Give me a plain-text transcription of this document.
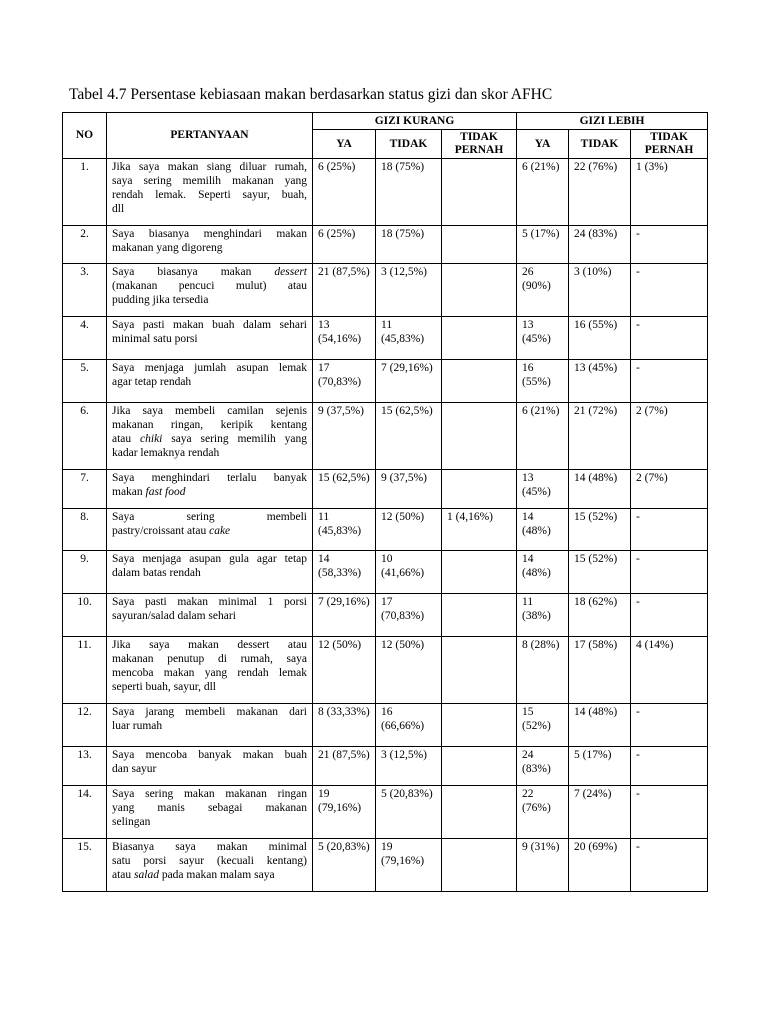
Tabel 4.7 Persentase kebiasaan makan berdasarkan status gizi dan skor AFHC
NO	PERTANYAAN	GIZI KURANG			GIZI LEBIH		
		YA	TIDAK	TIDAK PERNAH	YA	TIDAK	TIDAK PERNAH
1.	Jika saya makan siang diluar rumah,
saya sering memilih makanan yang
rendah lemak. Seperti sayur, buah,
dll	6 (25%)	18 (75%)		6 (21%)	22 (76%)	1 (3%)
2.	Saya biasanya menghindari makan
makanan yang digoreng	6 (25%)	18 (75%)		5 (17%)	24 (83%)	-
3.	Saya biasanya makan dessert
(makanan pencuci mulut) atau
pudding jika tersedia	21 (87,5%)	3 (12,5%)		26 (90%)	3 (10%)	-
4.	Saya pasti makan buah dalam sehari
minimal satu porsi	13 (54,16%)	11 (45,83%)		13 (45%)	16 (55%)	-
5.	Saya menjaga jumlah asupan lemak
agar tetap rendah	17 (70,83%)	7 (29,16%)		16 (55%)	13 (45%)	-
6.	Jika saya membeli camilan sejenis
makanan ringan, keripik kentang
atau chiki saya sering memilih yang
kadar lemaknya rendah	9 (37,5%)	15 (62,5%)		6 (21%)	21 (72%)	2 (7%)
7.	Saya menghindari terlalu banyak
makan fast food	15 (62,5%)	9 (37,5%)		13 (45%)	14 (48%)	2 (7%)
8.	Saya sering membeli
pastry/croissant atau cake	11 (45,83%)	12 (50%)	1 (4,16%)	14 (48%)	15 (52%)	-
9.	Saya menjaga asupan gula agar tetap
dalam batas rendah	14 (58,33%)	10 (41,66%)		14 (48%)	15 (52%)	-
10.	Saya pasti makan minimal 1 porsi
sayuran/salad dalam sehari	7 (29,16%)	17 (70,83%)		11 (38%)	18 (62%)	-
11.	Jika saya makan dessert atau
makanan penutup di rumah, saya
mencoba makan yang rendah lemak
seperti buah, sayur, dll	12 (50%)	12 (50%)		8 (28%)	17 (58%)	4 (14%)
12.	Saya jarang membeli makanan dari
luar rumah	8 (33,33%)	16 (66,66%)		15 (52%)	14 (48%)	-
13.	Saya mencoba banyak makan buah
dan sayur	21 (87,5%)	3 (12,5%)		24 (83%)	5 (17%)	-
14.	Saya sering makan makanan ringan
yang manis sebagai makanan
selingan	19 (79,16%)	5 (20,83%)		22 (76%)	7 (24%)	-
15.	Biasanya saya makan minimal
satu porsi sayur (kecuali kentang)
atau salad pada makan malam saya	5 (20,83%)	19 (79,16%)		9 (31%)	20 (69%)	-
